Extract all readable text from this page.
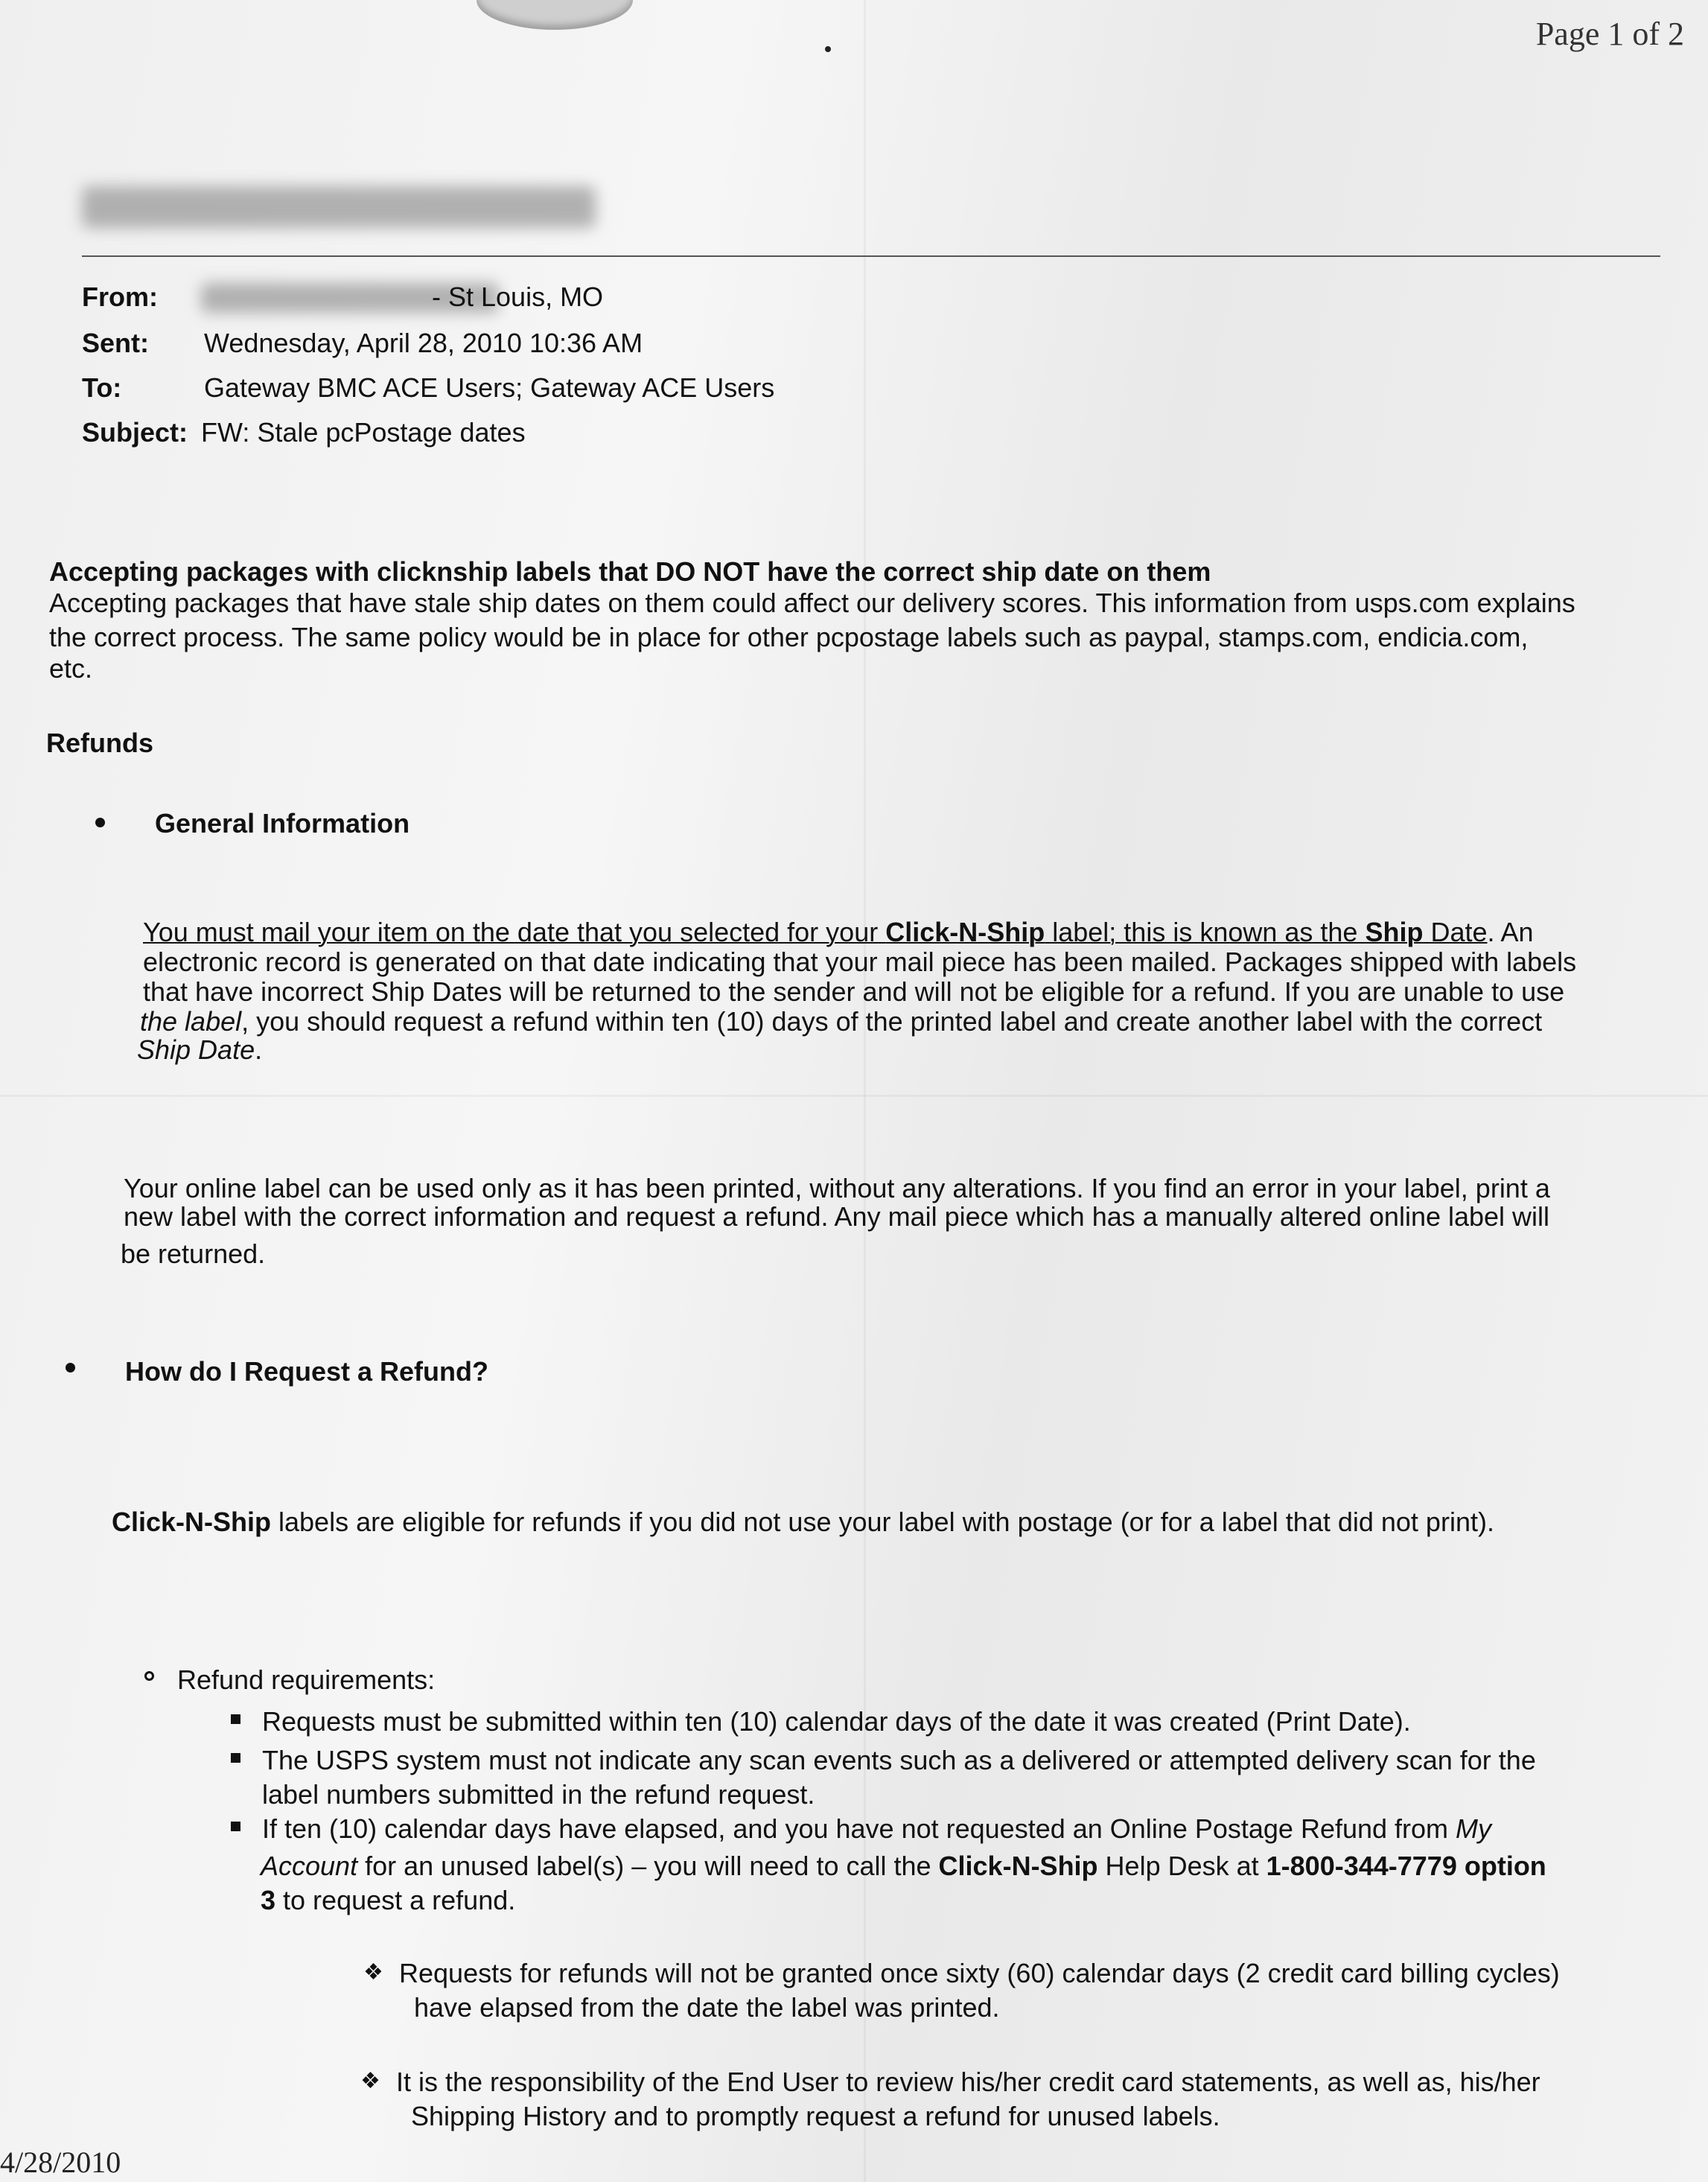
Page 1 of 2
From:	- St Louis, MO
Sent: Wednesday, April 28, 2010 10:36 AM
To:	Gateway BMC ACE Users; Gateway ACE Users
Subject: FW: Stale pcPostage dates

Accepting packages with clicknship labels that DO NOT have the correct ship date on them

Accepting packages that have stale ship dates on them could affect our delivery scores. This information from usps.com explains

the correct process. The same policy would be in place for other pcpostage labels such as paypal, stamps.com, endicia.com,

etc.

Refunds

General Information

You must mail your item on the date that you selected for your Click-N-Ship label; this is known as the Ship Date. An

electronic record is generated on that date indicating that your mail piece has been mailed. Packages shipped with labels

that have incorrect Ship Dates will be returned to the sender and will not be eligible for a refund. If you are unable to use

the label, you should request a refund within ten (10) days of the printed label and create another label with the correct

Ship Date.

Your online label can be used only as it has been printed, without any alterations. If you find an error in your label, print a

new label with the correct information and request a refund. Any mail piece which has a manually altered online label will

be returned.

How do I Request a Refund?

Click-N-Ship labels are eligible for refunds if you did not use your label with postage (or for a label that did not print).

Refund requirements:

Requests must be submitted within ten (10) calendar days of the date it was created (Print Date).

The USPS system must not indicate any scan events such as a delivered or attempted delivery scan for the

label numbers submitted in the refund request.

If ten (10) calendar days have elapsed, and you have not requested an Online Postage Refund from My

Account for an unused label(s) – you will need to call the Click-N-Ship Help Desk at 1-800-344-7779 option

3 to request a refund.

❖ Requests for refunds will not be granted once sixty (60) calendar days (2 credit card billing cycles)

have elapsed from the date the label was printed.

❖ It is the responsibility of the End User to review his/her credit card statements, as well as, his/her

Shipping History and to promptly request a refund for unused labels.

4/28/2010
